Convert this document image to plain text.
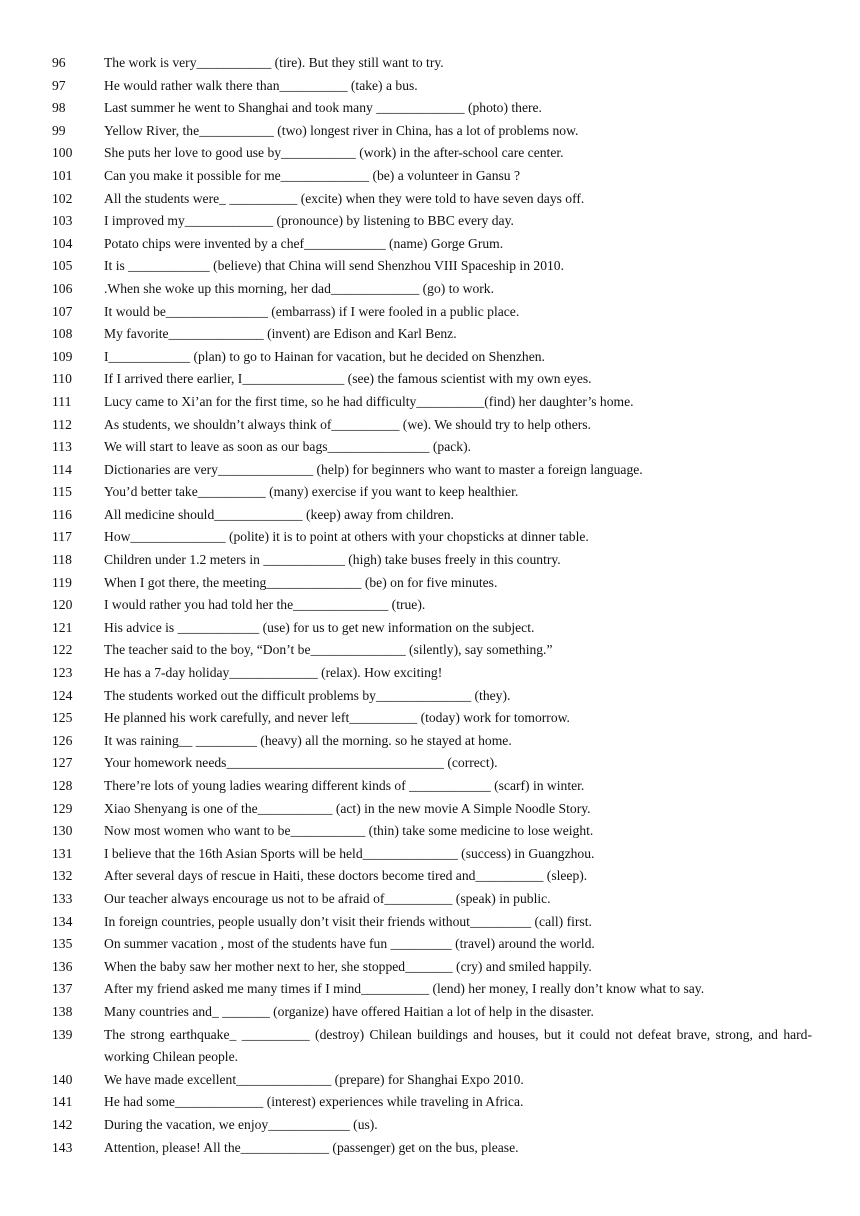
96	The work is very___________ (tire). But they still want to try.
97	He would rather walk there than__________ (take) a bus.
98	Last summer he went to Shanghai and took many _____________ (photo) there.
99	Yellow River, the___________ (two) longest river in China, has a lot of problems now.
100 She puts her love to good use by___________ (work) in the after-school care center.
101 Can you make it possible for me_____________ (be) a volunteer in Gansu ?
102 All the students were_ __________ (excite) when they were told to have seven days off.
103 I improved my_____________ (pronounce) by listening to BBC every day.
104 Potato chips were invented by a chef____________ (name) Gorge Grum.
105 It is ____________ (believe) that China will send Shenzhou VIII Spaceship in 2010.
106 .When she woke up this morning, her dad_____________ (go) to work.
107 It would be_______________ (embarrass) if I were fooled in a public place.
108 My favorite______________ (invent) are Edison and Karl Benz.
109 I____________ (plan) to go to Hainan for vacation, but he decided on Shenzhen.
110 If I arrived there earlier, I_______________ (see) the famous scientist with my own eyes.
111 Lucy came to Xi’an for the first time, so he had difficulty__________(find) her daughter’s home.
112 As students, we shouldn’t always think of__________ (we). We should try to help others.
113 We will start to leave as soon as our bags_______________ (pack).
114 Dictionaries are very______________ (help) for beginners who want to master a foreign language.
115 You’d better take__________ (many) exercise if you want to keep healthier.
116 All medicine should_____________ (keep) away from children.
117 How______________ (polite) it is to point at others with your chopsticks at dinner table.
118 Children under 1.2 meters in ____________ (high) take buses freely in this country.
119 When I got there, the meeting______________ (be) on for five minutes.
120 I would rather you had told her the______________ (true).
121 His advice is ____________ (use) for us to get new information on the subject.
122 The teacher said to the boy, “Don’t be______________ (silently), say something.”
123 He has a 7-day holiday_____________ (relax). How exciting!
124 The students worked out the difficult problems by______________ (they).
125 He planned his work carefully, and never left__________ (today) work for tomorrow.
126 It was raining__ _________ (heavy) all the morning. so he stayed at home.
127 Your homework needs________________________________ (correct).
128 There’re lots of young ladies wearing different kinds of ____________ (scarf) in winter.
129 Xiao Shenyang is one of the___________ (act) in the new movie A Simple Noodle Story.
130 Now most women who want to be___________ (thin) take some medicine to lose weight.
131 I believe that the 16th Asian Sports will be held______________ (success) in Guangzhou.
132 After several days of rescue in Haiti, these doctors become tired and__________ (sleep).
133 Our teacher always encourage us not to be afraid of__________ (speak) in public.
134 In foreign countries, people usually don’t visit their friends without_________ (call) first.
135 On summer vacation , most of the students have fun _________ (travel) around the world.
136 When the baby saw her mother next to her, she stopped_______ (cry) and smiled happily.
137 After my friend asked me many times if I mind__________ (lend) her money, I really don’t know what to say.
138 Many countries and_ _______ (organize) have offered Haitian a lot of help in the disaster.
139 The strong earthquake_ __________ (destroy) Chilean buildings and houses, but it could not defeat brave, strong, and hard-working Chilean people.
140 We have made excellent______________ (prepare) for Shanghai Expo 2010.
141 He had some_____________ (interest) experiences while traveling in Africa.
142 During the vacation, we enjoy____________ (us).
143 Attention, please! All the_____________ (passenger) get on the bus, please.
